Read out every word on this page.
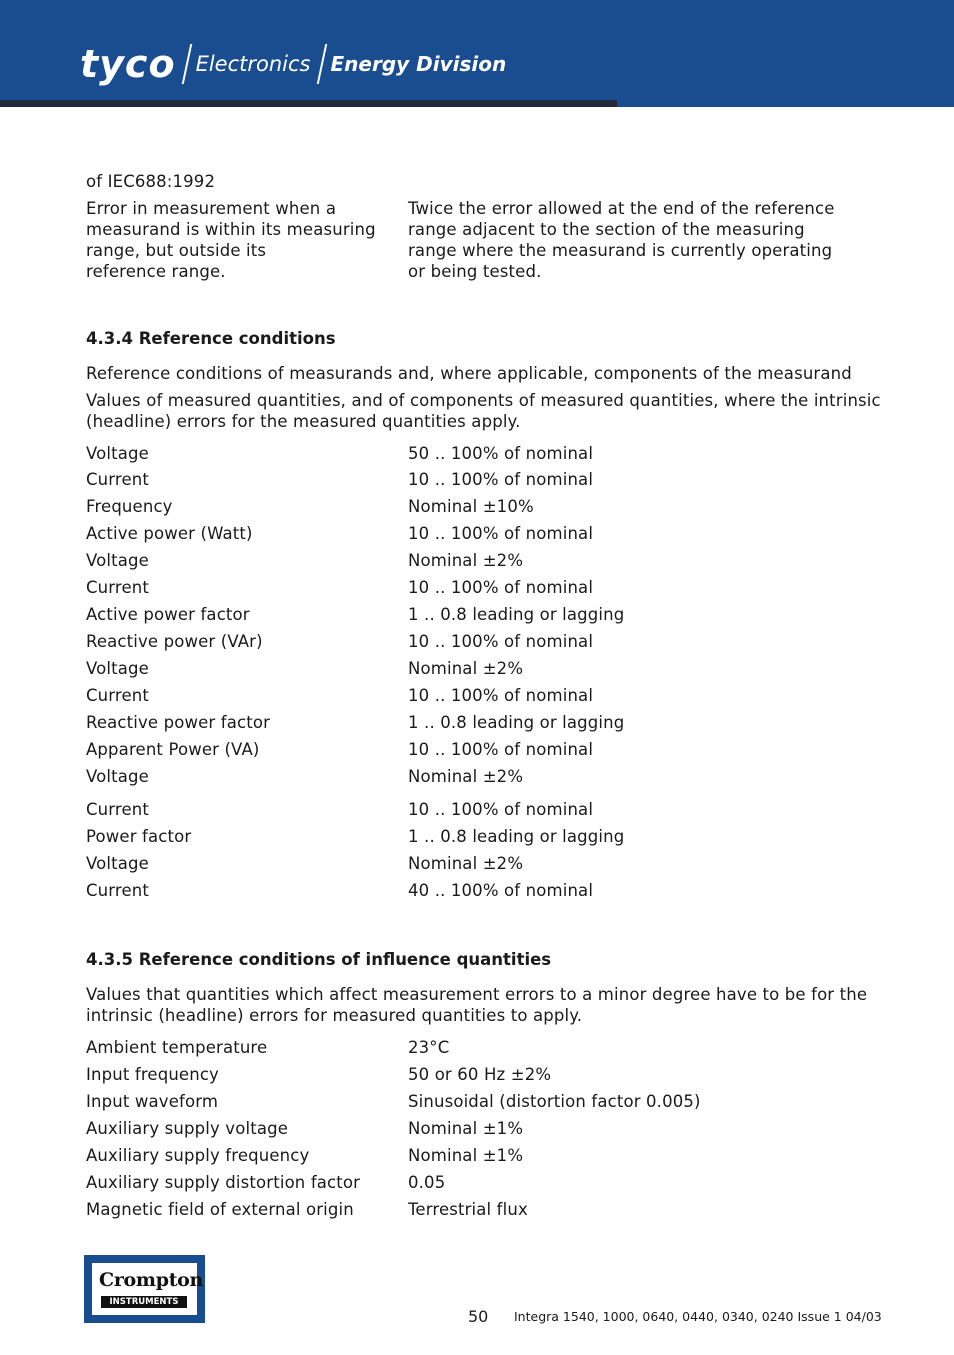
tyco Electronics Energy Division
of IEC688:1992
Error in measurement when a
measurand is within its measuring
range, but outside its
reference range.
Twice the error allowed at the end of the reference
range adjacent to the section of the measuring
range where the measurand is currently operating
or being tested.
4.3.4 Reference conditions
Reference conditions of measurands and, where applicable, components of the measurand
Values of measured quantities, and of components of measured quantities, where the intrinsic
(headline) errors for the measured quantities apply.
Voltage	50 .. 100% of nominal
Current	10 .. 100% of nominal
Frequency	Nominal ±10%
Active power (Watt)	10 .. 100% of nominal
Voltage	Nominal ±2%
Current	10 .. 100% of nominal
Active power factor	1 .. 0.8 leading or lagging
Reactive power (VAr)	10 .. 100% of nominal
Voltage	Nominal ±2%
Current	10 .. 100% of nominal
Reactive power factor	1 .. 0.8 leading or lagging
Apparent Power (VA)	10 .. 100% of nominal
Voltage	Nominal ±2%
Current	10 .. 100% of nominal
Power factor	1 .. 0.8 leading or lagging
Voltage	Nominal ±2%
Current	40 .. 100% of nominal
4.3.5 Reference conditions of influence quantities
Values that quantities which affect measurement errors to a minor degree have to be for the
intrinsic (headline) errors for measured quantities to apply.
Ambient temperature	23°C
Input frequency	50 or 60 Hz ±2%
Input waveform	Sinusoidal (distortion factor 0.005)
Auxiliary supply voltage	Nominal ±1%
Auxiliary supply frequency	Nominal ±1%
Auxiliary supply distortion factor	0.05
Magnetic field of external origin	Terrestrial flux
Crompton
INSTRUMENTS
50 Integra 1540, 1000, 0640, 0440, 0340, 0240 Issue 1 04/03
